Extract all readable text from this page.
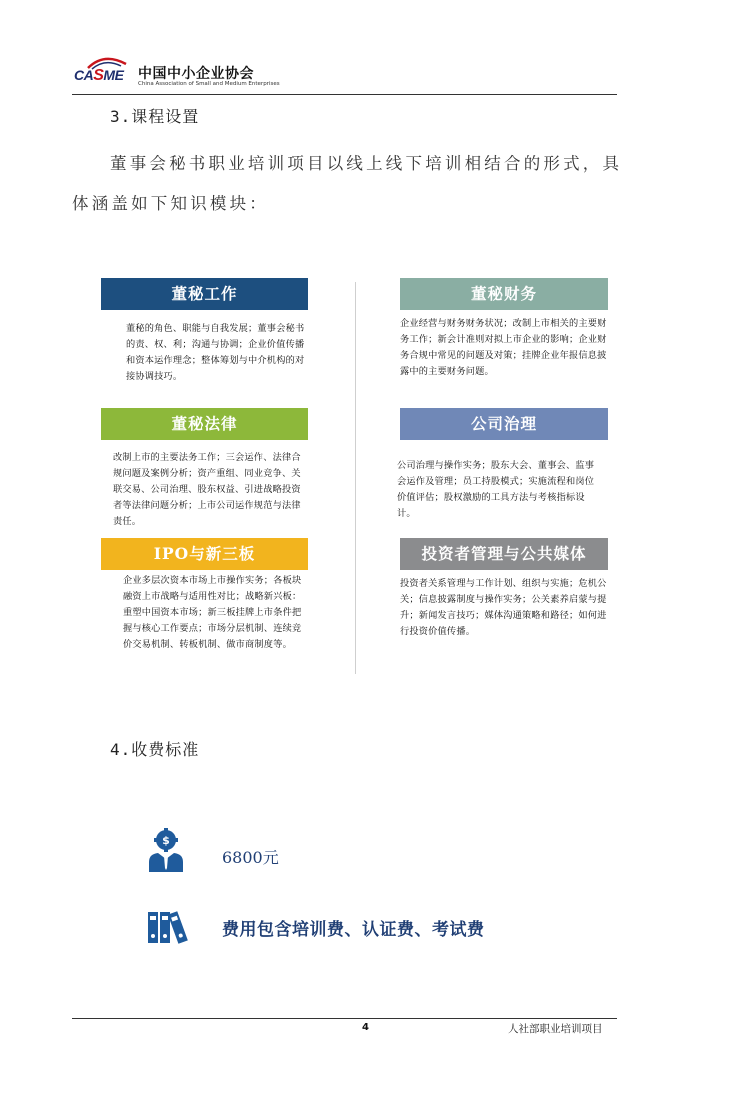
CASME 中国中小企业协会
China Association of Small and Medium Enterprises
3.课程设置
董事会秘书职业培训项目以线上线下培训相结合的形式，具体涵盖如下知识模块：
董秘工作
董秘的角色、职能与自我发展；董事会秘书的责、权、利；沟通与协调；企业价值传播和资本运作理念；整体筹划与中介机构的对接协调技巧。
董秘法律
改制上市的主要法务工作；三会运作、法律合规问题及案例分析；资产重组、同业竞争、关联交易、公司治理、股东权益、引进战略投资者等法律问题分析；上市公司运作规范与法律责任。
IPO与新三板
企业多层次资本市场上市操作实务；各板块融资上市战略与适用性对比；战略新兴板：重塑中国资本市场；新三板挂牌上市条件把握与核心工作要点；市场分层机制、连续竞价交易机制、转板机制、做市商制度等。
董秘财务
企业经营与财务财务状况；改制上市相关的主要财务工作；新会计准则对拟上市企业的影响；企业财务合规中常见的问题及对策；挂牌企业年报信息披露中的主要财务问题。
公司治理
公司治理与操作实务；股东大会、董事会、监事会运作及管理；员工持股模式；实施流程和岗位价值评估；股权激励的工具方法与考核指标设计。
投资者管理与公共媒体
投资者关系管理与工作计划、组织与实施；危机公关；信息披露制度与操作实务；公关素养启蒙与提升；新闻发言技巧；媒体沟通策略和路径；如何进行投资价值传播。
4.收费标准
$
6800元
费用包含培训费、认证费、考试费
4	人社部职业培训项目
